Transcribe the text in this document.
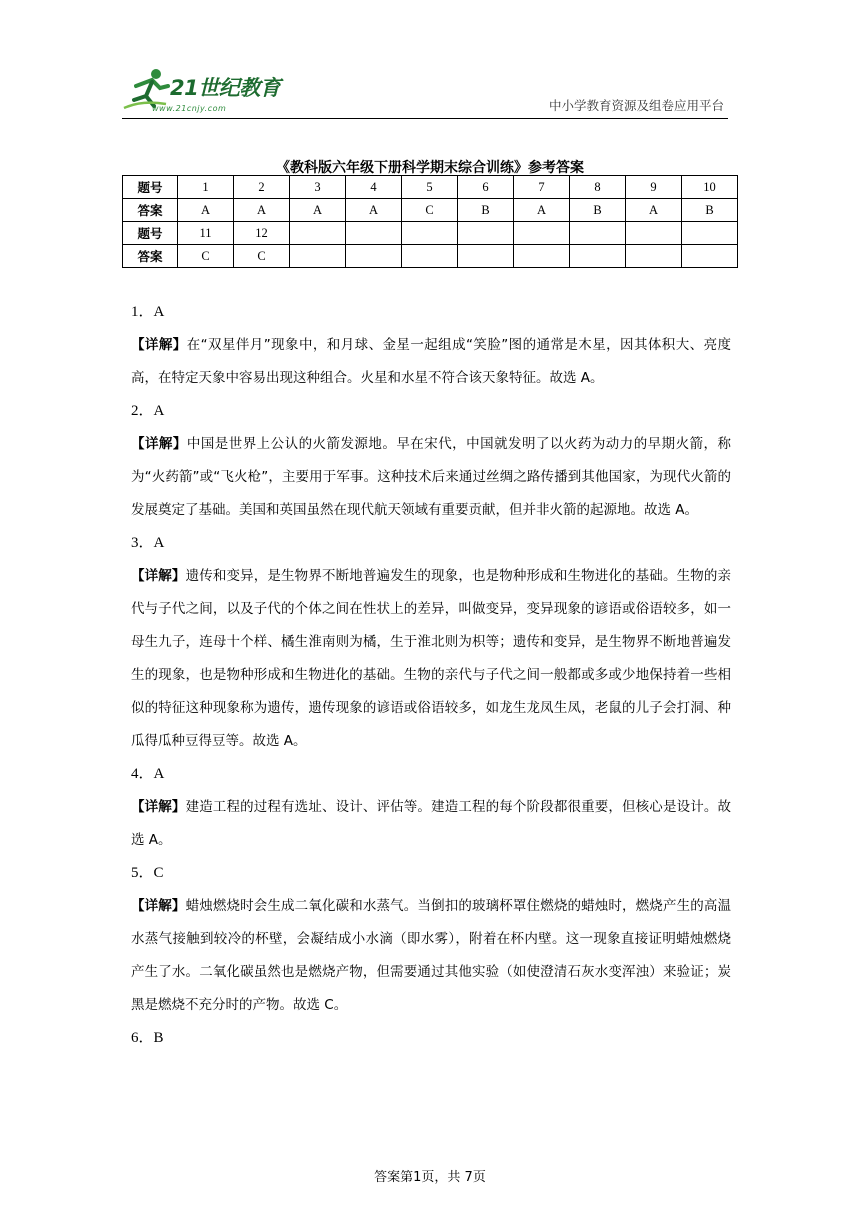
21世纪教育
www.21cnjy.com	中小学教育资源及组卷应用平台
《教科版六年级下册科学期末综合训练》参考答案
题号	1	2	3	4	5	6	7	8	9	10
答案	A	A	A	A	C	B	A	B	A	B
题号	11	12								
答案	C	C								
1．A
【详解】在“双星伴月”现象中，和月球、金星一起组成“笑脸”图的通常是木星，因其体积大、亮度高，在特定天象中容易出现这种组合。火星和水星不符合该天象特征。故选 A。
2．A
【详解】中国是世界上公认的火箭发源地。早在宋代，中国就发明了以火药为动力的早期火箭，称为“火药箭”或“飞火枪”，主要用于军事。这种技术后来通过丝绸之路传播到其他国家，为现代火箭的发展奠定了基础。美国和英国虽然在现代航天领域有重要贡献，但并非火箭的起源地。故选 A。
3．A
【详解】遗传和变异，是生物界不断地普遍发生的现象，也是物种形成和生物进化的基础。生物的亲代与子代之间，以及子代的个体之间在性状上的差异，叫做变异，变异现象的谚语或俗语较多，如一母生九子，连母十个样、橘生淮南则为橘，生于淮北则为枳等；遗传和变异，是生物界不断地普遍发生的现象，也是物种形成和生物进化的基础。生物的亲代与子代之间一般都或多或少地保持着一些相似的特征这种现象称为遗传，遗传现象的谚语或俗语较多，如龙生龙凤生凤，老鼠的儿子会打洞、种瓜得瓜种豆得豆等。故选 A。
4．A
【详解】建造工程的过程有选址、设计、评估等。建造工程的每个阶段都很重要，但核心是设计。故选 A。
5．C
【详解】蜡烛燃烧时会生成二氧化碳和水蒸气。当倒扣的玻璃杯罩住燃烧的蜡烛时，燃烧产生的高温水蒸气接触到较冷的杯壁，会凝结成小水滴（即水雾），附着在杯内壁。这一现象直接证明蜡烛燃烧产生了水。二氧化碳虽然也是燃烧产物，但需要通过其他实验（如使澄清石灰水变浑浊）来验证；炭黑是燃烧不充分时的产物。故选 C。
6．B
答案第1页，共 7页
